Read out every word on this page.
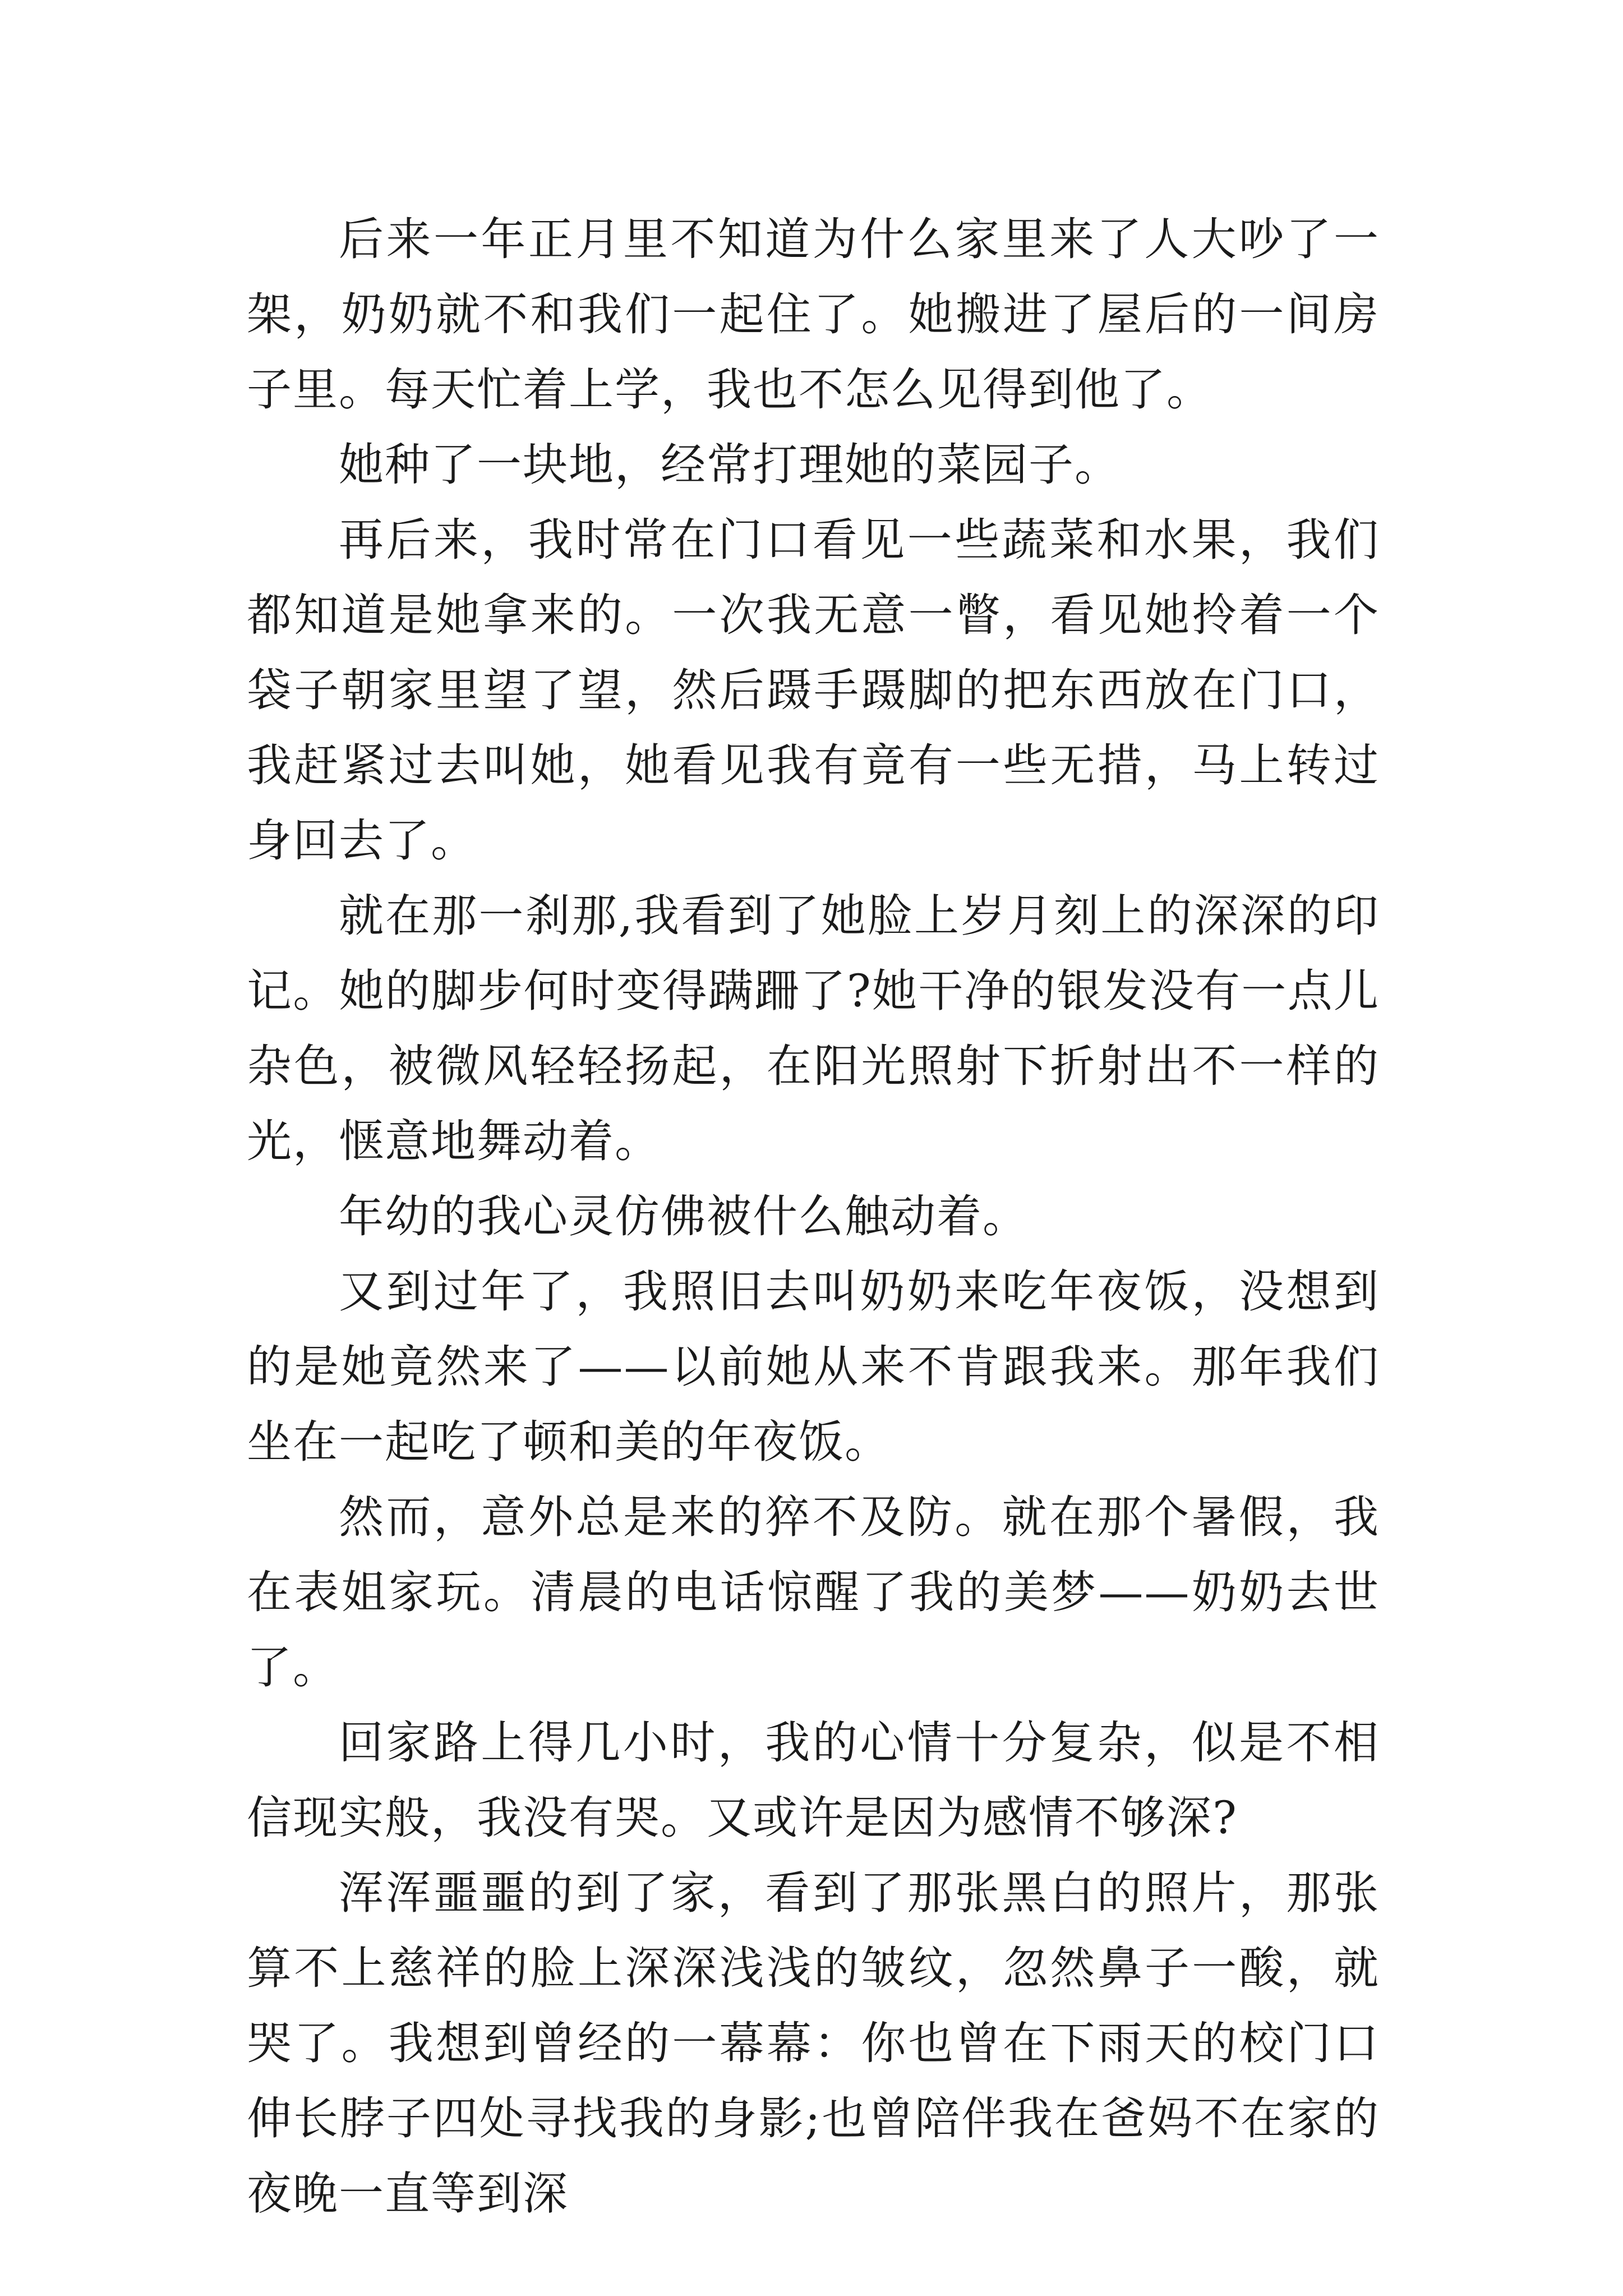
后来一年正月里不知道为什么家里来了人大吵了一架，奶奶就不和我们一起住了。她搬进了屋后的一间房子里。每天忙着上学，我也不怎么见得到他了。

她种了一块地，经常打理她的菜园子。

再后来，我时常在门口看见一些蔬菜和水果，我们都知道是她拿来的。一次我无意一瞥，看见她拎着一个袋子朝家里望了望，然后蹑手蹑脚的把东西放在门口，我赶紧过去叫她，她看见我有竟有一些无措，马上转过身回去了。

就在那一刹那,我看到了她脸上岁月刻上的深深的印记。她的脚步何时变得蹒跚了?她干净的银发没有一点儿杂色，被微风轻轻扬起，在阳光照射下折射出不一样的光，惬意地舞动着。

年幼的我心灵仿佛被什么触动着。

又到过年了，我照旧去叫奶奶来吃年夜饭，没想到的是她竟然来了——以前她从来不肯跟我来。那年我们坐在一起吃了顿和美的年夜饭。

然而，意外总是来的猝不及防。就在那个暑假，我在表姐家玩。清晨的电话惊醒了我的美梦——奶奶去世了。

回家路上得几小时，我的心情十分复杂，似是不相信现实般，我没有哭。又或许是因为感情不够深?

浑浑噩噩的到了家，看到了那张黑白的照片，那张算不上慈祥的脸上深深浅浅的皱纹，忽然鼻子一酸，就哭了。我想到曾经的一幕幕：你也曾在下雨天的校门口伸长脖子四处寻找我的身影;也曾陪伴我在爸妈不在家的夜晚一直等到深
